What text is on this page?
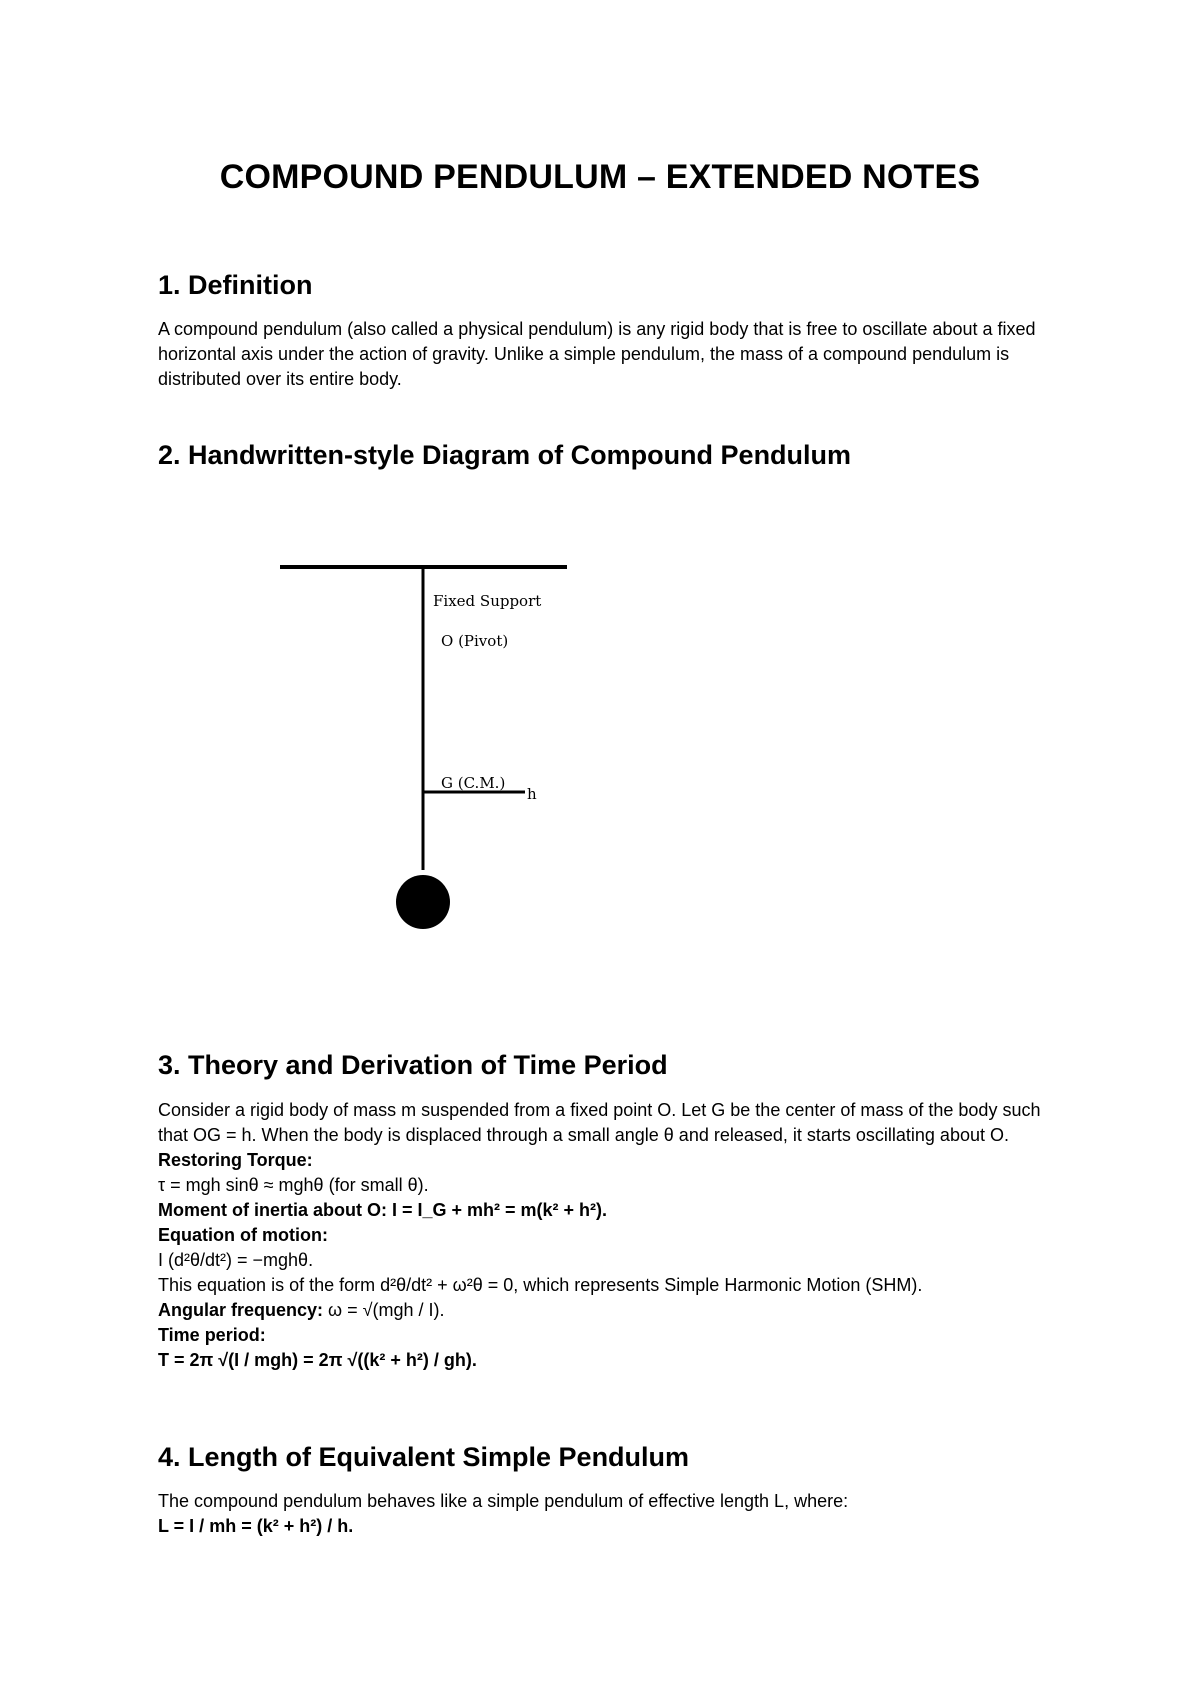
COMPOUND PENDULUM – EXTENDED NOTES
1. Definition

A compound pendulum (also called a physical pendulum) is any rigid body that is free to oscillate about a fixed horizontal axis under the action of gravity. Unlike a simple pendulum, the mass of a compound pendulum is distributed over its entire body.

2. Handwritten-style Diagram of Compound Pendulum
Fixed Support
O (Pivot)
G (C.M.)
h
3. Theory and Derivation of Time Period

Consider a rigid body of mass m suspended from a fixed point O. Let G be the center of mass of the body such that OG = h. When the body is displaced through a small angle θ and released, it starts oscillating about O.

Restoring Torque:

τ = mgh sinθ ≈ mghθ (for small θ).

Moment of inertia about O: I = I_G + mh² = m(k² + h²).

Equation of motion:

I (d²θ/dt²) = −mghθ.

This equation is of the form d²θ/dt² + ω²θ = 0, which represents Simple Harmonic Motion (SHM).

Angular frequency: ω = √(mgh / I).

Time period:

T = 2π √(I / mgh) = 2π √((k² + h²) / gh).

4. Length of Equivalent Simple Pendulum

The compound pendulum behaves like a simple pendulum of effective length L, where:

L = I / mh = (k² + h²) / h.
